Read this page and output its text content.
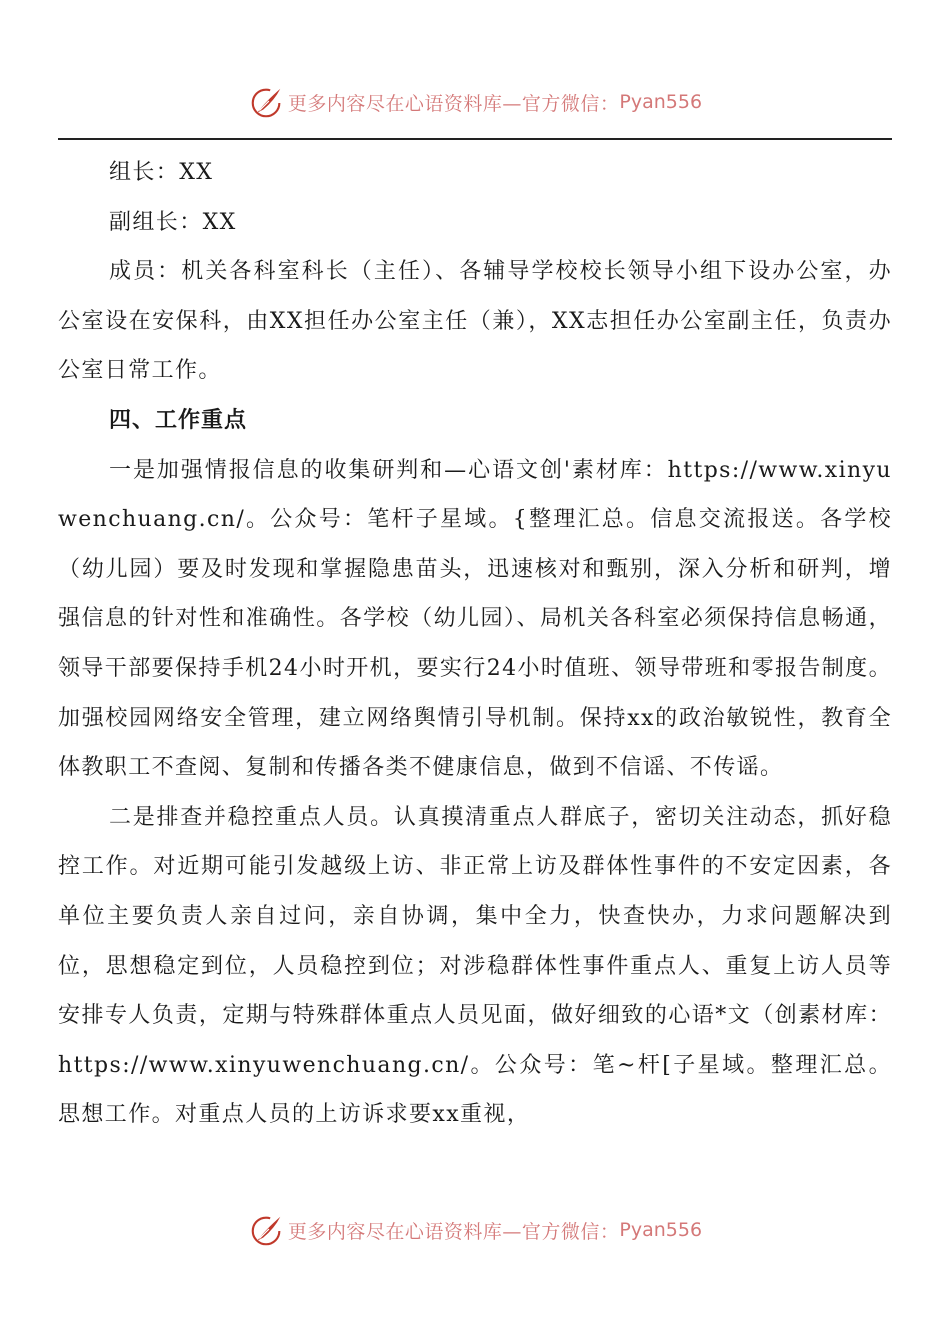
更多内容尽在心语资料库—官方微信： Pyan556

组长：XX

副组长：XX

成员：机关各科室科长（主任）、各辅导学校校长领导小组下设办公室，办公室设在安保科，由XX担任办公室主任（兼），XX志担任办公室副主任，负责办公室日常工作。

四、工作重点

一是加强情报信息的收集研判和—心语文创'素材库：https://www.xinyuwenchuang.cn/。公众号：笔杆子星域。{整理汇总。信息交流报送。各学校（幼儿园）要及时发现和掌握隐患苗头，迅速核对和甄别，深入分析和研判，增强信息的针对性和准确性。各学校（幼儿园）、局机关各科室必须保持信息畅通，领导干部要保持手机24小时开机，要实行24小时值班、领导带班和零报告制度。加强校园网络安全管理，建立网络舆情引导机制。保持xx的政治敏锐性，教育全体教职工不查阅、复制和传播各类不健康信息，做到不信谣、不传谣。

二是排查并稳控重点人员。认真摸清重点人群底子，密切关注动态，抓好稳控工作。对近期可能引发越级上访、非正常上访及群体性事件的不安定因素，各单位主要负责人亲自过问，亲自协调，集中全力，快查快办，力求问题解决到位，思想稳定到位，人员稳控到位；对涉稳群体性事件重点人、重复上访人员等安排专人负责，定期与特殊群体重点人员见面，做好细致的心语*文（创素材库：https://www.xinyuwenchuang.cn/。公众号：笔~杆[子星域。整理汇总。思想工作。对重点人员的上访诉求要xx重视，

更多内容尽在心语资料库—官方微信： Pyan556
